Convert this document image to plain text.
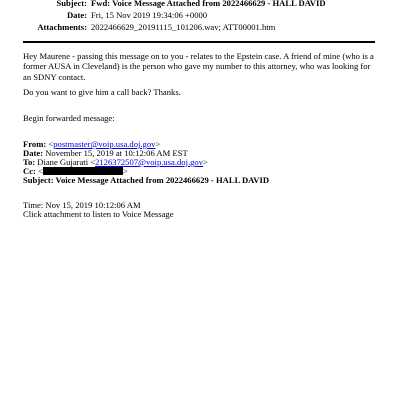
Subject: Fwd: Voice Message Attached from 2022466629 - HALL DAVID
Date: Fri, 15 Nov 2019 19:34:06 +0000
Attachments: 2022466629_20191115_101206.wav; ATT00001.htm
Hey Maurene - passing this message on to you - relates to the Epstein case. A friend of mine (who is a former AUSA in Cleveland) is the person who gave my number to this attorney, who was looking for an SDNY contact.
Do you want to give him a call back? Thanks.
Begin forwarded message:
From: <postmaster@voip.usa.doj.gov>
Date: November 15, 2019 at 10:12:06 AM EST
To: Diane Gujarati <2126372507@voip.usa.doj.gov>
Cc: <	>
Subject: Voice Message Attached from 2022466629 - HALL DAVID
Time: Nov 15, 2019 10:12:06 AM
Click attachment to listen to Voice Message
